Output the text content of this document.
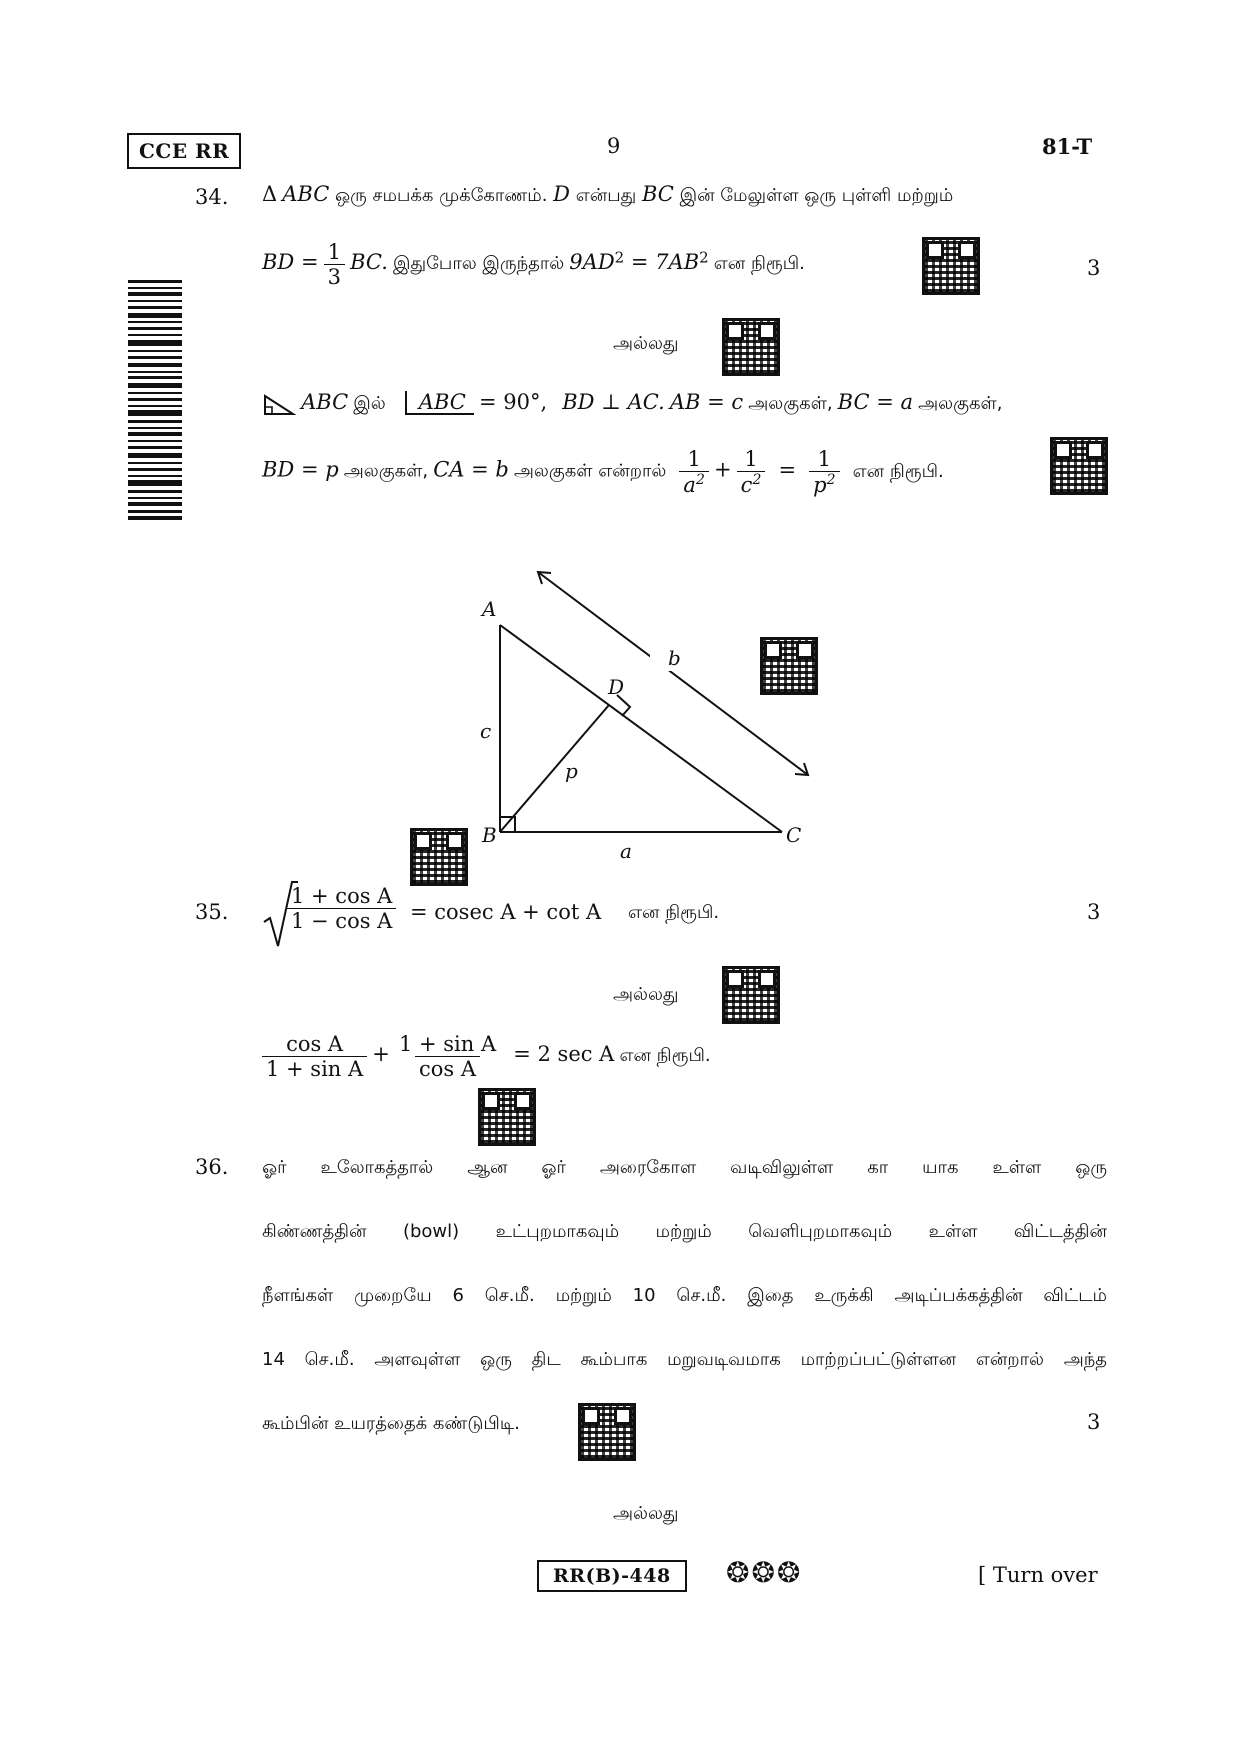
CCE RR	9	81-T
34. Δ ABC ஒரு சமபக்க முக்கோணம். D என்பது BC இன் மேலுள்ள ஒரு புள்ளி மற்றும்
BD = $\frac{1}{3}$ BC. இதுபோல இருந்தால் $9AD^2 = 7AB^2$ என நிரூபி.	3
அல்லது
ABC இல் ABC = 90°, BD ⊥ AC. AB = c அலகுகள், BC = a அலகுகள்,
BD = p அலகுகள், CA = b அலகுகள் என்றால் $\frac{1}{a^2} + \frac{1}{c^2} = \frac{1}{p^2}$ என நிரூபி.
A
B	C
D
a
b
c
p
35.	$\frac{\text{1 + cos A}}{\text{1 − cos A}} = cosec$ A + cot A என நிரூபி.	3
அல்லது
$\frac{\text{cos A}}{\text{1 + sin A}} + \frac{\text{1 + sin A}}{\text{cos A}} = 2$ sec A என நிரூபி.
36. ஓர் உலோகத்தால் ஆன ஓர் அரைகோள வடிவிலுள்ள கா யாக உள்ள ஒரு
கிண்ணத்தின் (bowl) உட்புறமாகவும் மற்றும் வெளிபுறமாகவும் உள்ள விட்டத்தின்
நீளங்கள் முறையே 6 செ.மீ. மற்றும் 10 செ.மீ. இதை உருக்கி அடிப்பக்கத்தின் விட்டம்
14 செ.மீ. அளவுள்ள ஒரு திட கூம்பாக மறுவடிவமாக மாற்றப்பட்டுள்ளன என்றால் அந்த
கூம்பின் உயரத்தைக் கண்டுபிடி.	3
அல்லது
RR(B)-448	❂❂❂	[ Turn over
